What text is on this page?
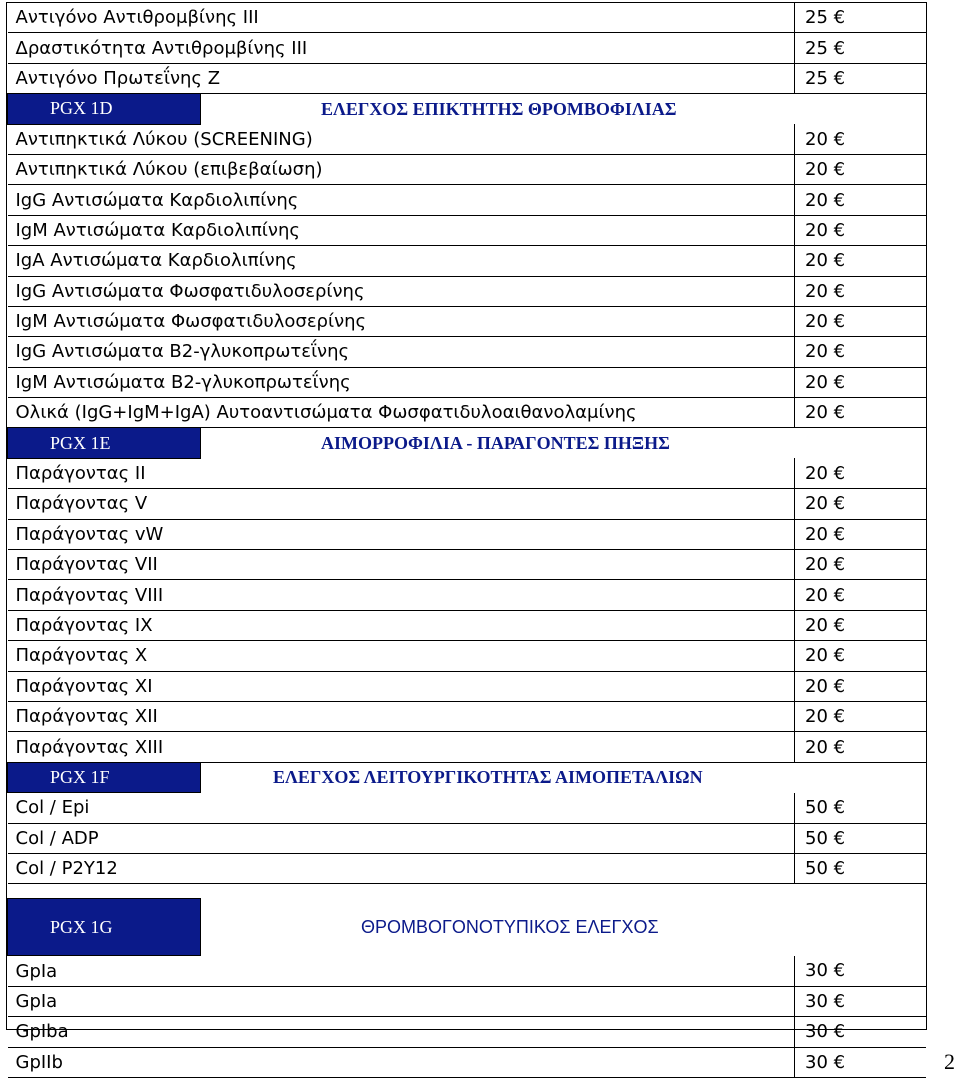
Αντιγόνο Αντιθρομβίνης ΙΙΙ		25 €
Δραστικότητα Αντιθρομβίνης ΙΙΙ		25 €
Αντιγόνο Πρωτεΐνης Ζ		25 €
PGX 1D	ΕΛΕΓΧΟΣ ΕΠΙΚΤΗΤΗΣ ΘΡΟΜΒΟΦΙΛΙΑΣ	
Αντιπηκτικά Λύκου (SCREENING)		20 €
Αντιπηκτικά Λύκου (επιβεβαίωση)		20 €
IgG Αντισώματα Καρδιολιπίνης		20 €
IgM Αντισώματα Καρδιολιπίνης		20 €
IgA Αντισώματα Καρδιολιπίνης		20 €
IgG Αντισώματα Φωσφατιδυλοσερίνης		20 €
IgM Αντισώματα Φωσφατιδυλοσερίνης		20 €
IgG Αντισώματα Β2-γλυκοπρωτεΐνης		20 €
IgM Αντισώματα Β2-γλυκοπρωτεΐνης		20 €
Ολικά (IgG+IgM+IgA) Αυτοαντισώματα Φωσφατιδυλοαιθανολαμίνης		20 €
PGX 1E	ΑΙΜΟΡΡΟΦΙΛΙΑ - ΠΑΡΑΓΟΝΤΕΣ ΠΗΞΗΣ	
Παράγοντας ΙΙ		20 €
Παράγοντας V		20 €
Παράγοντας vW		20 €
Παράγοντας VII		20 €
Παράγοντας VIII		20 €
Παράγοντας IX		20 €
Παράγοντας X		20 €
Παράγοντας XI		20 €
Παράγοντας XII		20 €
Παράγοντας XIII		20 €
PGX 1F	ΕΛΕΓΧΟΣ ΛΕΙΤΟΥΡΓΙΚΟΤΗΤΑΣ ΑΙΜΟΠΕΤΑΛΙΩΝ	
Col / Epi		50 €
Col / ADP		50 €
Col / P2Y12		50 €

PGX 1G	ΘΡΟΜΒΟΓΟΝΟΤΥΠΙΚΟΣ ΕΛΕΓΧΟΣ	
GpIa		30 €
GpIa		30 €
GpIba		30 €
GpIIb		30 €	2
